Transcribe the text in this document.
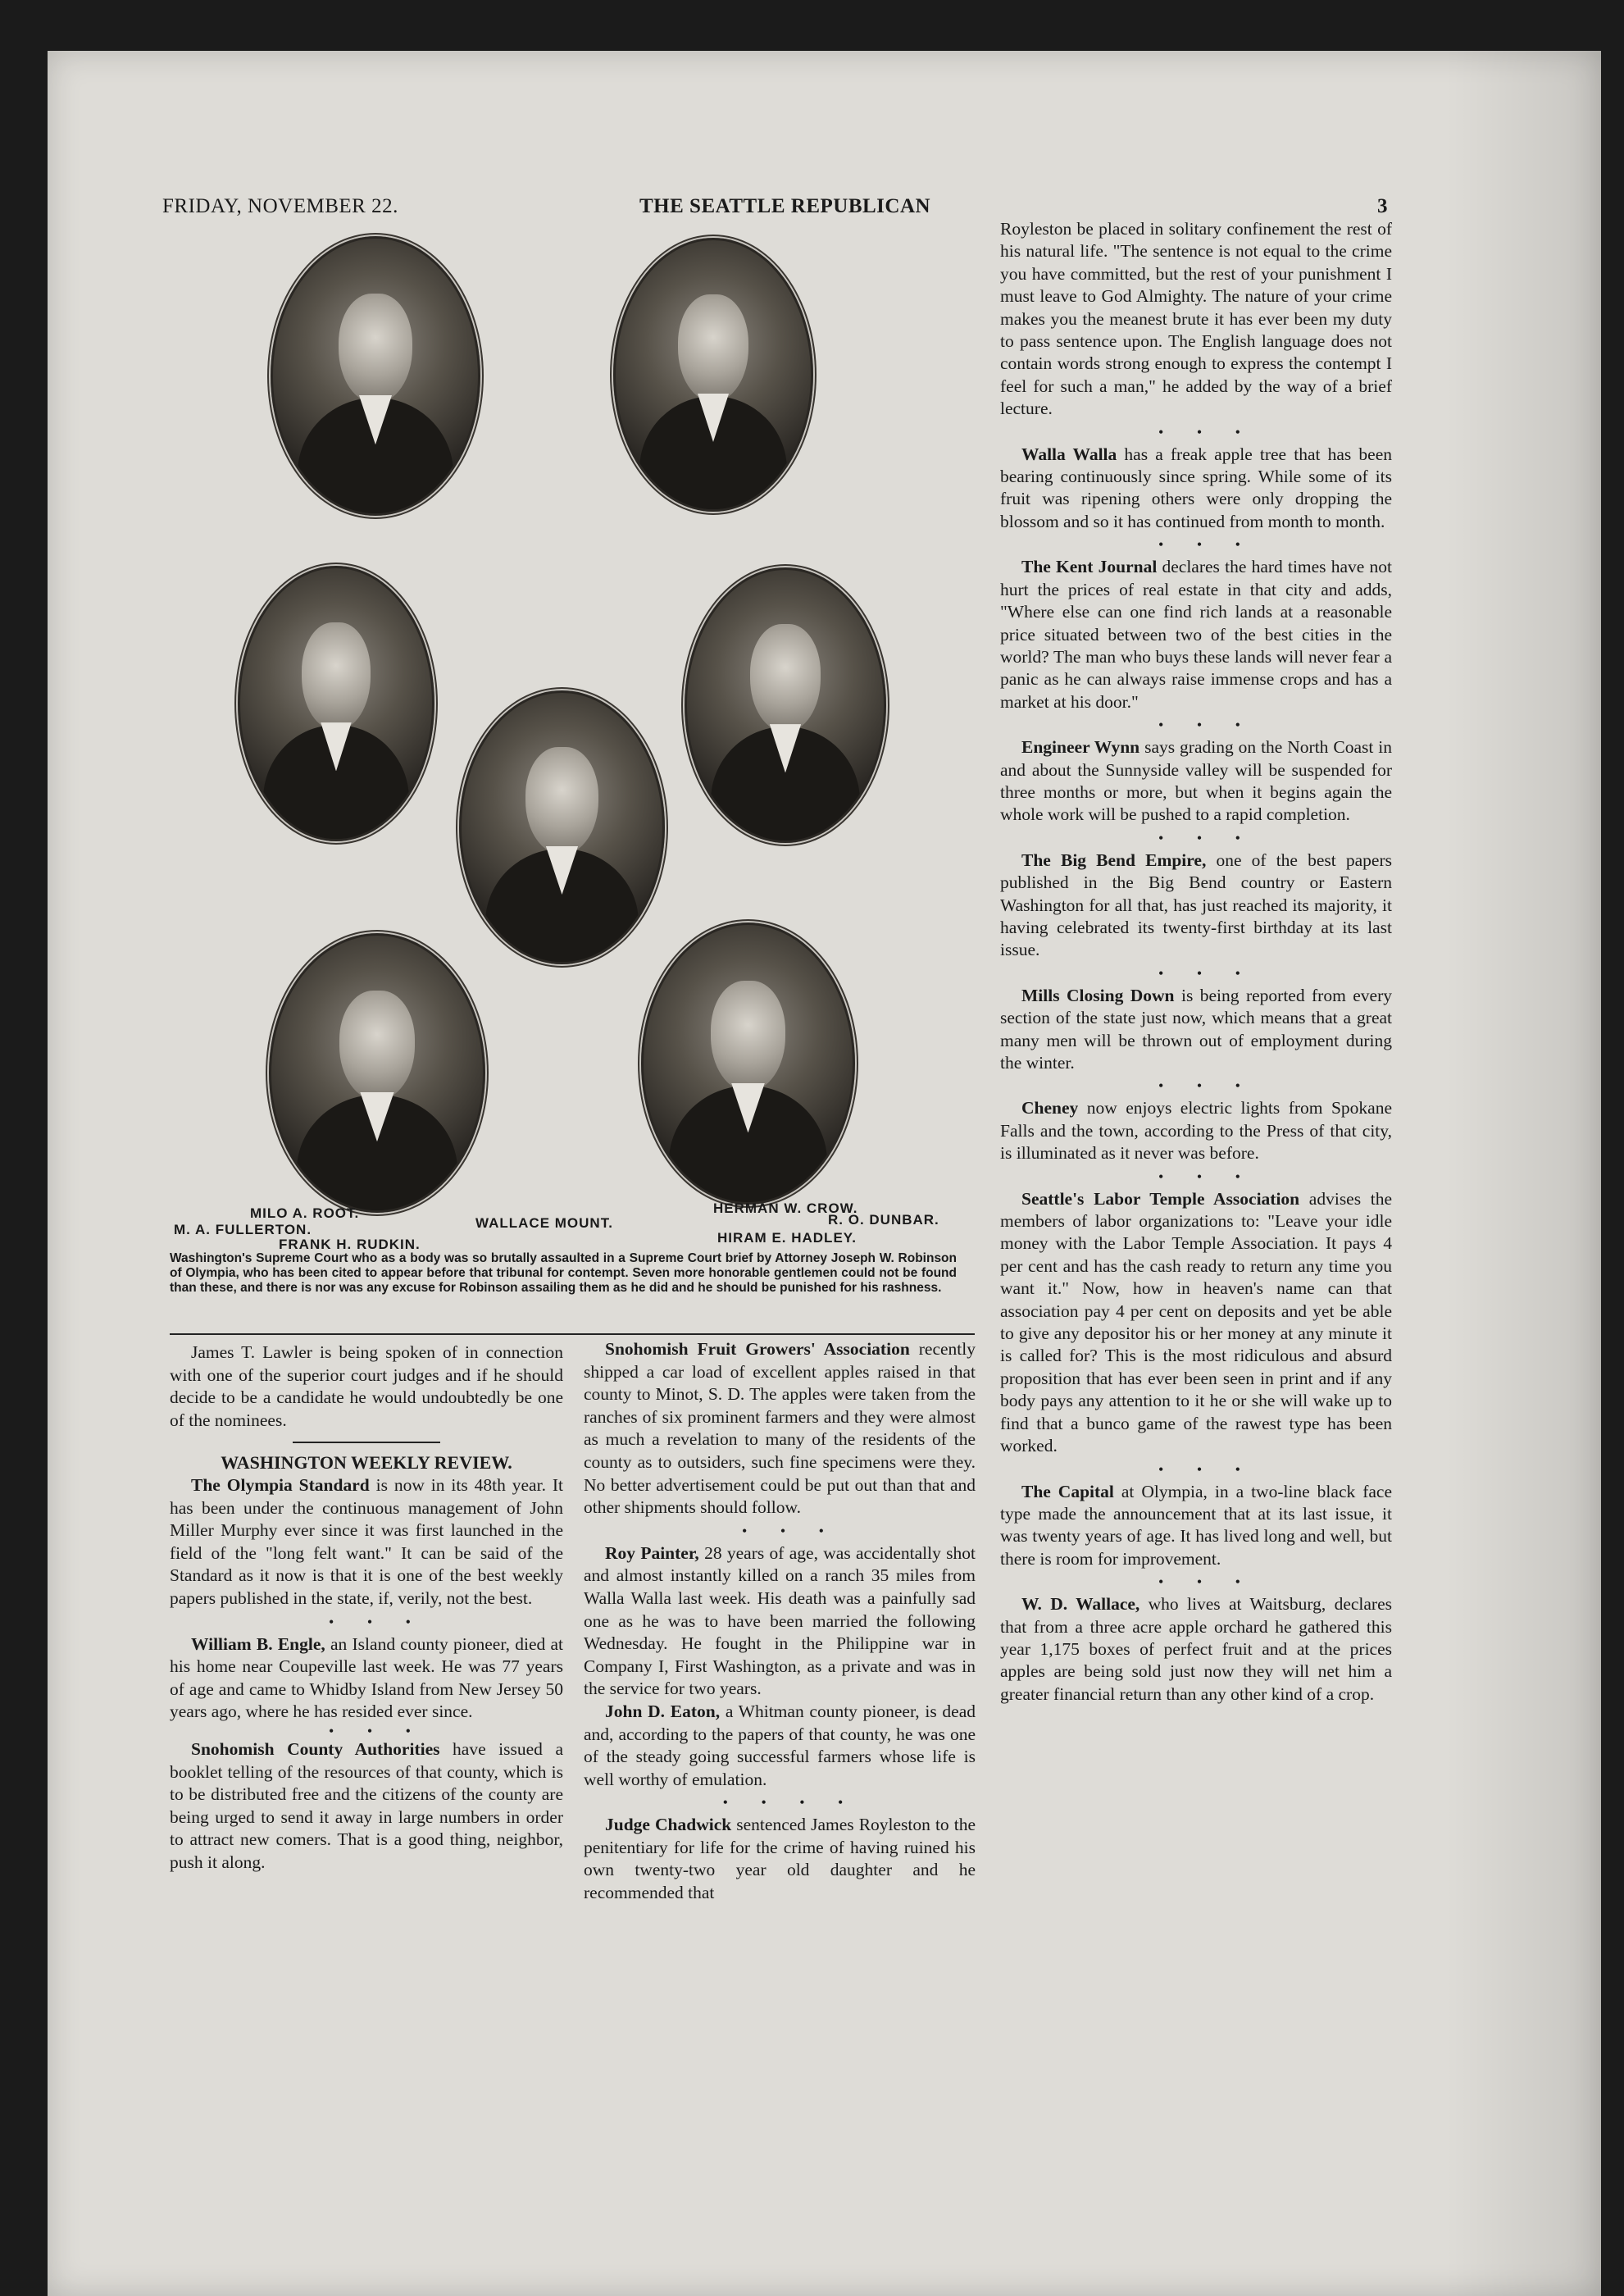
FRIDAY, NOVEMBER 22.	THE SEATTLE REPUBLICAN	3
MILO A. ROOT.
M. A. FULLERTON.
FRANK H. RUDKIN.
WALLACE MOUNT.
HERMAN W. CROW.
R. O. DUNBAR.
HIRAM E. HADLEY.
Washington's Supreme Court who as a body was so brutally assaulted in a Supreme Court brief by Attorney Joseph W. Robinson of Olympia, who has been cited to appear before that tribunal for contempt. Seven more honorable gentlemen could not be found than these, and there is nor was any excuse for Robinson assailing them as he did and he should be punished for his rashness.

James T. Lawler is being spoken of in connection with one of the superior court judges and if he should decide to be a candidate he would undoubtedly be one of the nominees.

WASHINGTON WEEKLY REVIEW.

The Olympia Standard is now in its 48th year. It has been under the continuous management of John Miller Murphy ever since it was first launched in the field of the "long felt want." It can be said of the Standard as it now is that it is one of the best weekly papers published in the state, if, verily, not the best.

• • •

William B. Engle, an Island county pioneer, died at his home near Coupeville last week. He was 77 years of age and came to Whidby Island from New Jersey 50 years ago, where he has resided ever since.

• • •

Snohomish County Authorities have issued a booklet telling of the resources of that county, which is to be distributed free and the citizens of the county are being urged to send it away in large numbers in order to attract new comers. That is a good thing, neighbor, push it along.

Snohomish Fruit Growers' Association recently shipped a car load of excellent apples raised in that county to Minot, S. D. The apples were taken from the ranches of six prominent farmers and they were almost as much a revelation to many of the residents of the county as to outsiders, such fine specimens were they. No better advertisement could be put out than that and other shipments should follow.

• • •

Roy Painter, 28 years of age, was accidentally shot and almost instantly killed on a ranch 35 miles from Walla Walla last week. His death was a painfully sad one as he was to have been married the following Wednesday. He fought in the Philippine war in Company I, First Washington, as a private and was in the service for two years.

John D. Eaton, a Whitman county pioneer, is dead and, according to the papers of that county, he was one of the steady going successful farmers whose life is well worthy of emulation.

• • • •

Judge Chadwick sentenced James Royleston to the penitentiary for life for the crime of having ruined his own twenty-two year old daughter and he recommended that

Royleston be placed in solitary confinement the rest of his natural life. "The sentence is not equal to the crime you have committed, but the rest of your punishment I must leave to God Almighty. The nature of your crime makes you the meanest brute it has ever been my duty to pass sentence upon. The English language does not contain words strong enough to express the contempt I feel for such a man," he added by the way of a brief lecture.

• • •

Walla Walla has a freak apple tree that has been bearing continuously since spring. While some of its fruit was ripening others were only dropping the blossom and so it has continued from month to month.

• • •

The Kent Journal declares the hard times have not hurt the prices of real estate in that city and adds, "Where else can one find rich lands at a reasonable price situated between two of the best cities in the world? The man who buys these lands will never fear a panic as he can always raise immense crops and has a market at his door."

• • •

Engineer Wynn says grading on the North Coast in and about the Sunnyside valley will be suspended for three months or more, but when it begins again the whole work will be pushed to a rapid completion.

• • •

The Big Bend Empire, one of the best papers published in the Big Bend country or Eastern Washington for all that, has just reached its majority, it having celebrated its twenty-first birthday at its last issue.

• • •

Mills Closing Down is being reported from every section of the state just now, which means that a great many men will be thrown out of employment during the winter.

• • •

Cheney now enjoys electric lights from Spokane Falls and the town, according to the Press of that city, is illuminated as it never was before.

• • •

Seattle's Labor Temple Association advises the members of labor organizations to: "Leave your idle money with the Labor Temple Association. It pays 4 per cent and has the cash ready to return any time you want it." Now, how in heaven's name can that association pay 4 per cent on deposits and yet be able to give any depositor his or her money at any minute it is called for? This is the most ridiculous and absurd proposition that has ever been seen in print and if any body pays any attention to it he or she will wake up to find that a bunco game of the rawest type has been worked.

• • •

The Capital at Olympia, in a two-line black face type made the announcement that at its last issue, it was twenty years of age. It has lived long and well, but there is room for improvement.

• • •

W. D. Wallace, who lives at Waitsburg, declares that from a three acre apple orchard he gathered this year 1,175 boxes of perfect fruit and at the prices apples are being sold just now they will net him a greater financial return than any other kind of a crop.
